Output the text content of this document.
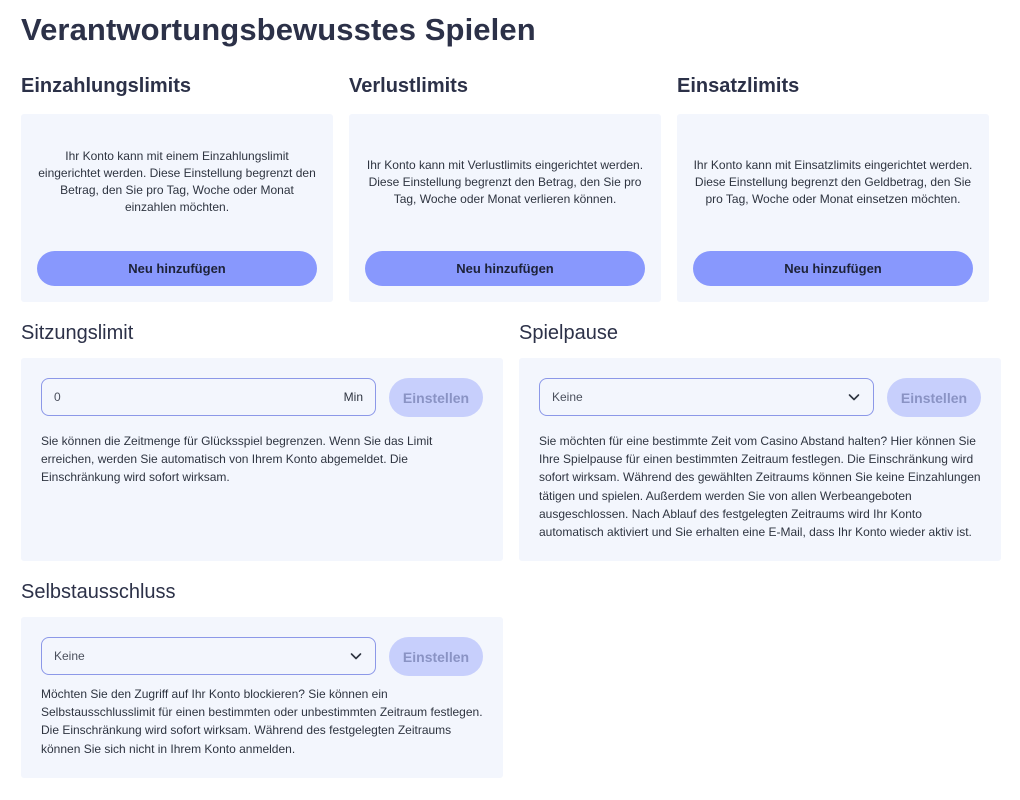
Verantwortungsbewusstes Spielen
Einzahlungslimits
Ihr Konto kann mit einem Einzahlungslimit eingerichtet werden. Diese Einstellung begrenzt den Betrag, den Sie pro Tag, Woche oder Monat einzahlen möchten.
Neu hinzufügen
Verlustlimits
Ihr Konto kann mit Verlustlimits eingerichtet werden. Diese Einstellung begrenzt den Betrag, den Sie pro Tag, Woche oder Monat verlieren können.
Neu hinzufügen
Einsatzlimits
Ihr Konto kann mit Einsatzlimits eingerichtet werden. Diese Einstellung begrenzt den Geldbetrag, den Sie pro Tag, Woche oder Monat einsetzen möchten.
Neu hinzufügen
Sitzungslimit
0	Min	Einstellen

Sie können die Zeitmenge für Glücksspiel begrenzen. Wenn Sie das Limit erreichen, werden Sie automatisch von Ihrem Konto abgemeldet. Die Einschränkung wird sofort wirksam.

Spielpause
Keine	Einstellen

Sie möchten für eine bestimmte Zeit vom Casino Abstand halten? Hier können Sie Ihre Spielpause für einen bestimmten Zeitraum festlegen. Die Einschränkung wird sofort wirksam. Während des gewählten Zeitraums können Sie keine Einzahlungen tätigen und spielen. Außerdem werden Sie von allen Werbeangeboten ausgeschlossen. Nach Ablauf des festgelegten Zeitraums wird Ihr Konto automatisch aktiviert und Sie erhalten eine E-Mail, dass Ihr Konto wieder aktiv ist.

Selbstausschluss
Keine	Einstellen

Möchten Sie den Zugriff auf Ihr Konto blockieren? Sie können ein Selbstausschlusslimit für einen bestimmten oder unbestimmten Zeitraum festlegen. Die Einschränkung wird sofort wirksam. Während des festgelegten Zeitraums können Sie sich nicht in Ihrem Konto anmelden.
